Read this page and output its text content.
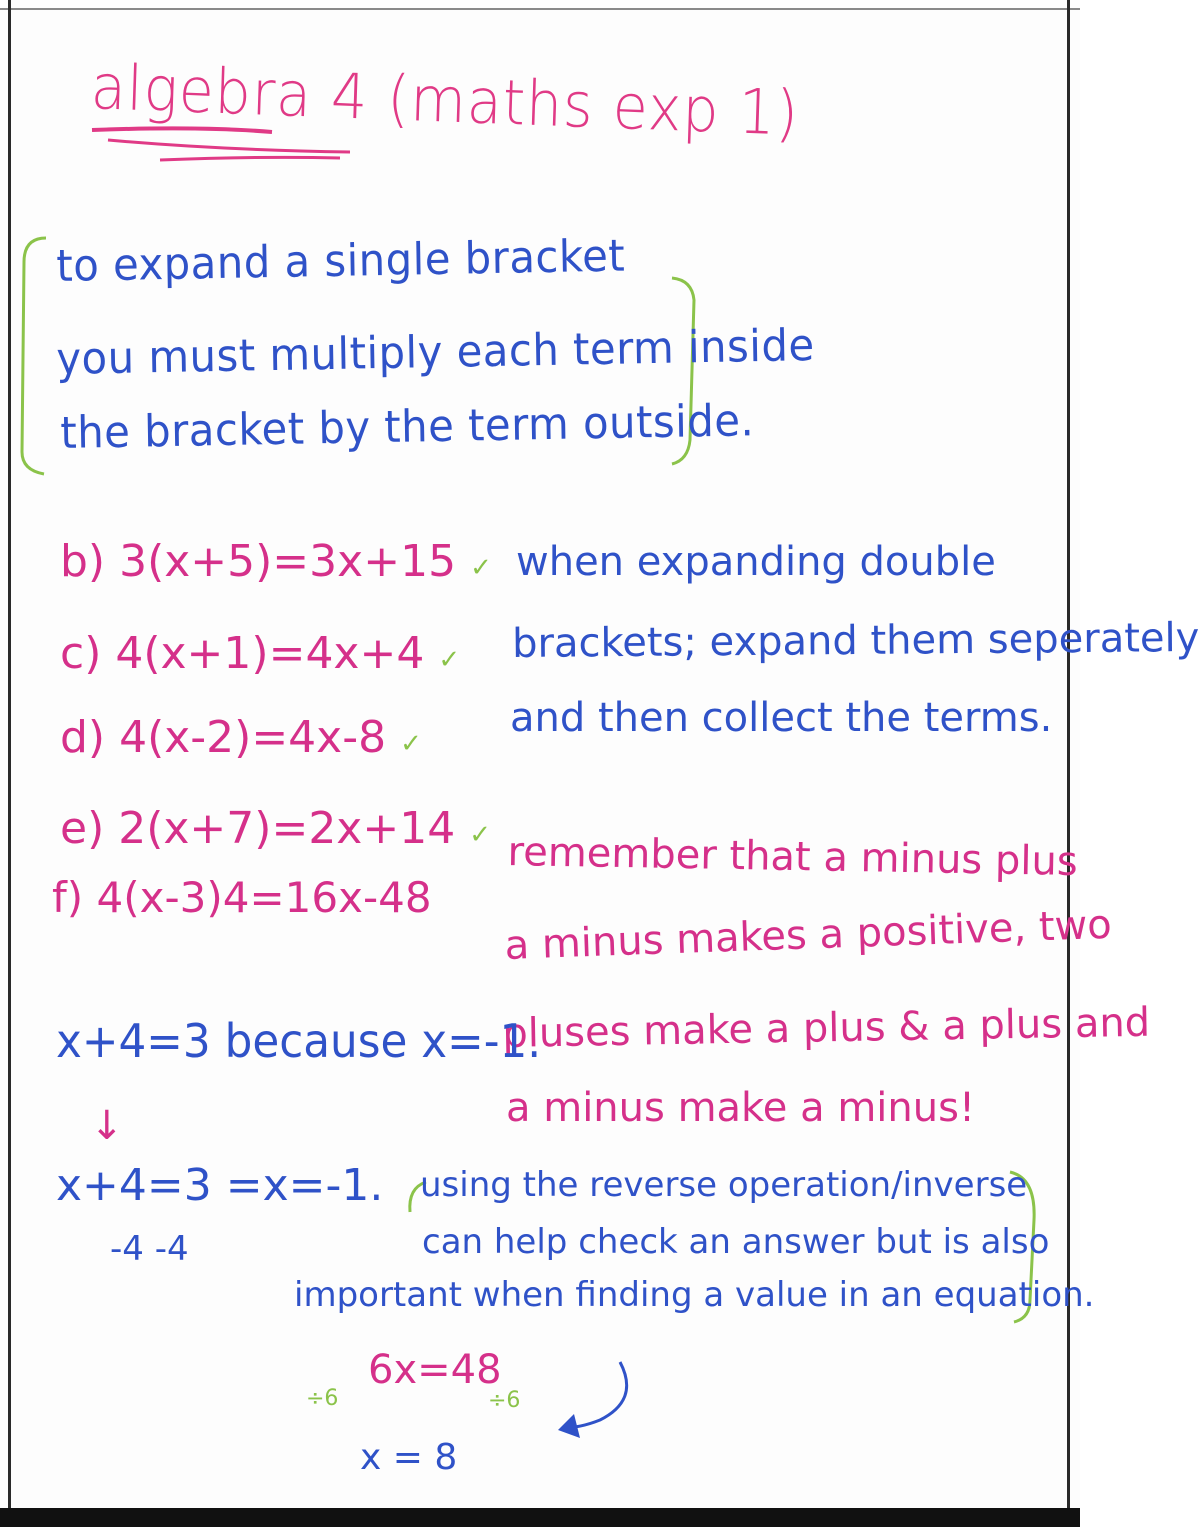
algebra 4 (maths exp 1)
to expand a single bracket
you must multiply each term inside
the bracket by the term outside.
b) 3(x+5)=3x+15 ✓
c) 4(x+1)=4x+4 ✓
d) 4(x-2)=4x-8 ✓
e) 2(x+7)=2x+14 ✓
f) 4(x-3)4=16x-48
when expanding double
brackets; expand them seperately
and then collect the terms.
remember that a minus plus
a minus makes a positive, two
pluses make a plus & a plus and
a minus make a minus!
x+4=3 because x=-1.
↓
x+4=3 =x=-1.
-4 -4
using the reverse operation/inverse
can help check an answer but is also
important when finding a value in an equation.
6x=48
÷6	÷6
x = 8
